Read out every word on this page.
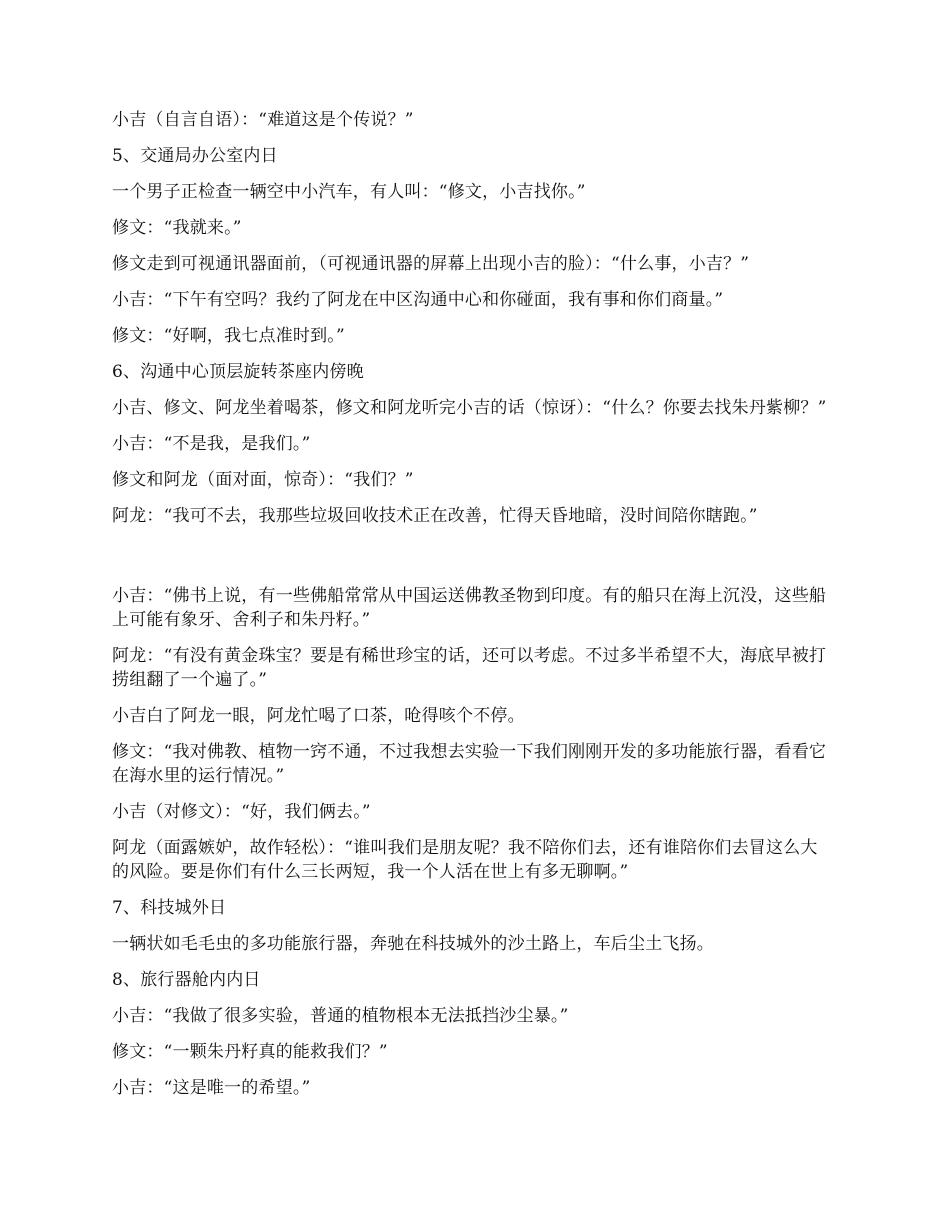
小吉（自言自语）：“难道这是个传说？”

5、交通局办公室内日

一个男子正检查一辆空中小汽车，有人叫：“修文，小吉找你。”

修文：“我就来。”

修文走到可视通讯器面前，（可视通讯器的屏幕上出现小吉的脸）：“什么事，小吉？”

小吉：“下午有空吗？我约了阿龙在中区沟通中心和你碰面，我有事和你们商量。”

修文：“好啊，我七点准时到。”

6、沟通中心顶层旋转茶座内傍晚

小吉、修文、阿龙坐着喝茶，修文和阿龙听完小吉的话（惊讶）：“什么？你要去找朱丹紫柳？”

小吉：“不是我，是我们。”

修文和阿龙（面对面，惊奇）：“我们？”

阿龙：“我可不去，我那些垃圾回收技术正在改善，忙得天昏地暗，没时间陪你瞎跑。”

小吉：“佛书上说，有一些佛船常常从中国运送佛教圣物到印度。有的船只在海上沉没，这些船上可能有象牙、舍利子和朱丹籽。”

阿龙：“有没有黄金珠宝？要是有稀世珍宝的话，还可以考虑。不过多半希望不大，海底早被打捞组翻了一个遍了。”

小吉白了阿龙一眼，阿龙忙喝了口茶，呛得咳个不停。

修文：“我对佛教、植物一窍不通，不过我想去实验一下我们刚刚开发的多功能旅行器，看看它在海水里的运行情况。”

小吉（对修文）：“好，我们俩去。”

阿龙（面露嫉妒，故作轻松）：“谁叫我们是朋友呢？我不陪你们去，还有谁陪你们去冒这么大的风险。要是你们有什么三长两短，我一个人活在世上有多无聊啊。”

7、科技城外日

一辆状如毛毛虫的多功能旅行器，奔驰在科技城外的沙土路上，车后尘土飞扬。

8、旅行器舱内内日

小吉：“我做了很多实验，普通的植物根本无法抵挡沙尘暴。”

修文：“一颗朱丹籽真的能救我们？”

小吉：“这是唯一的希望。”
